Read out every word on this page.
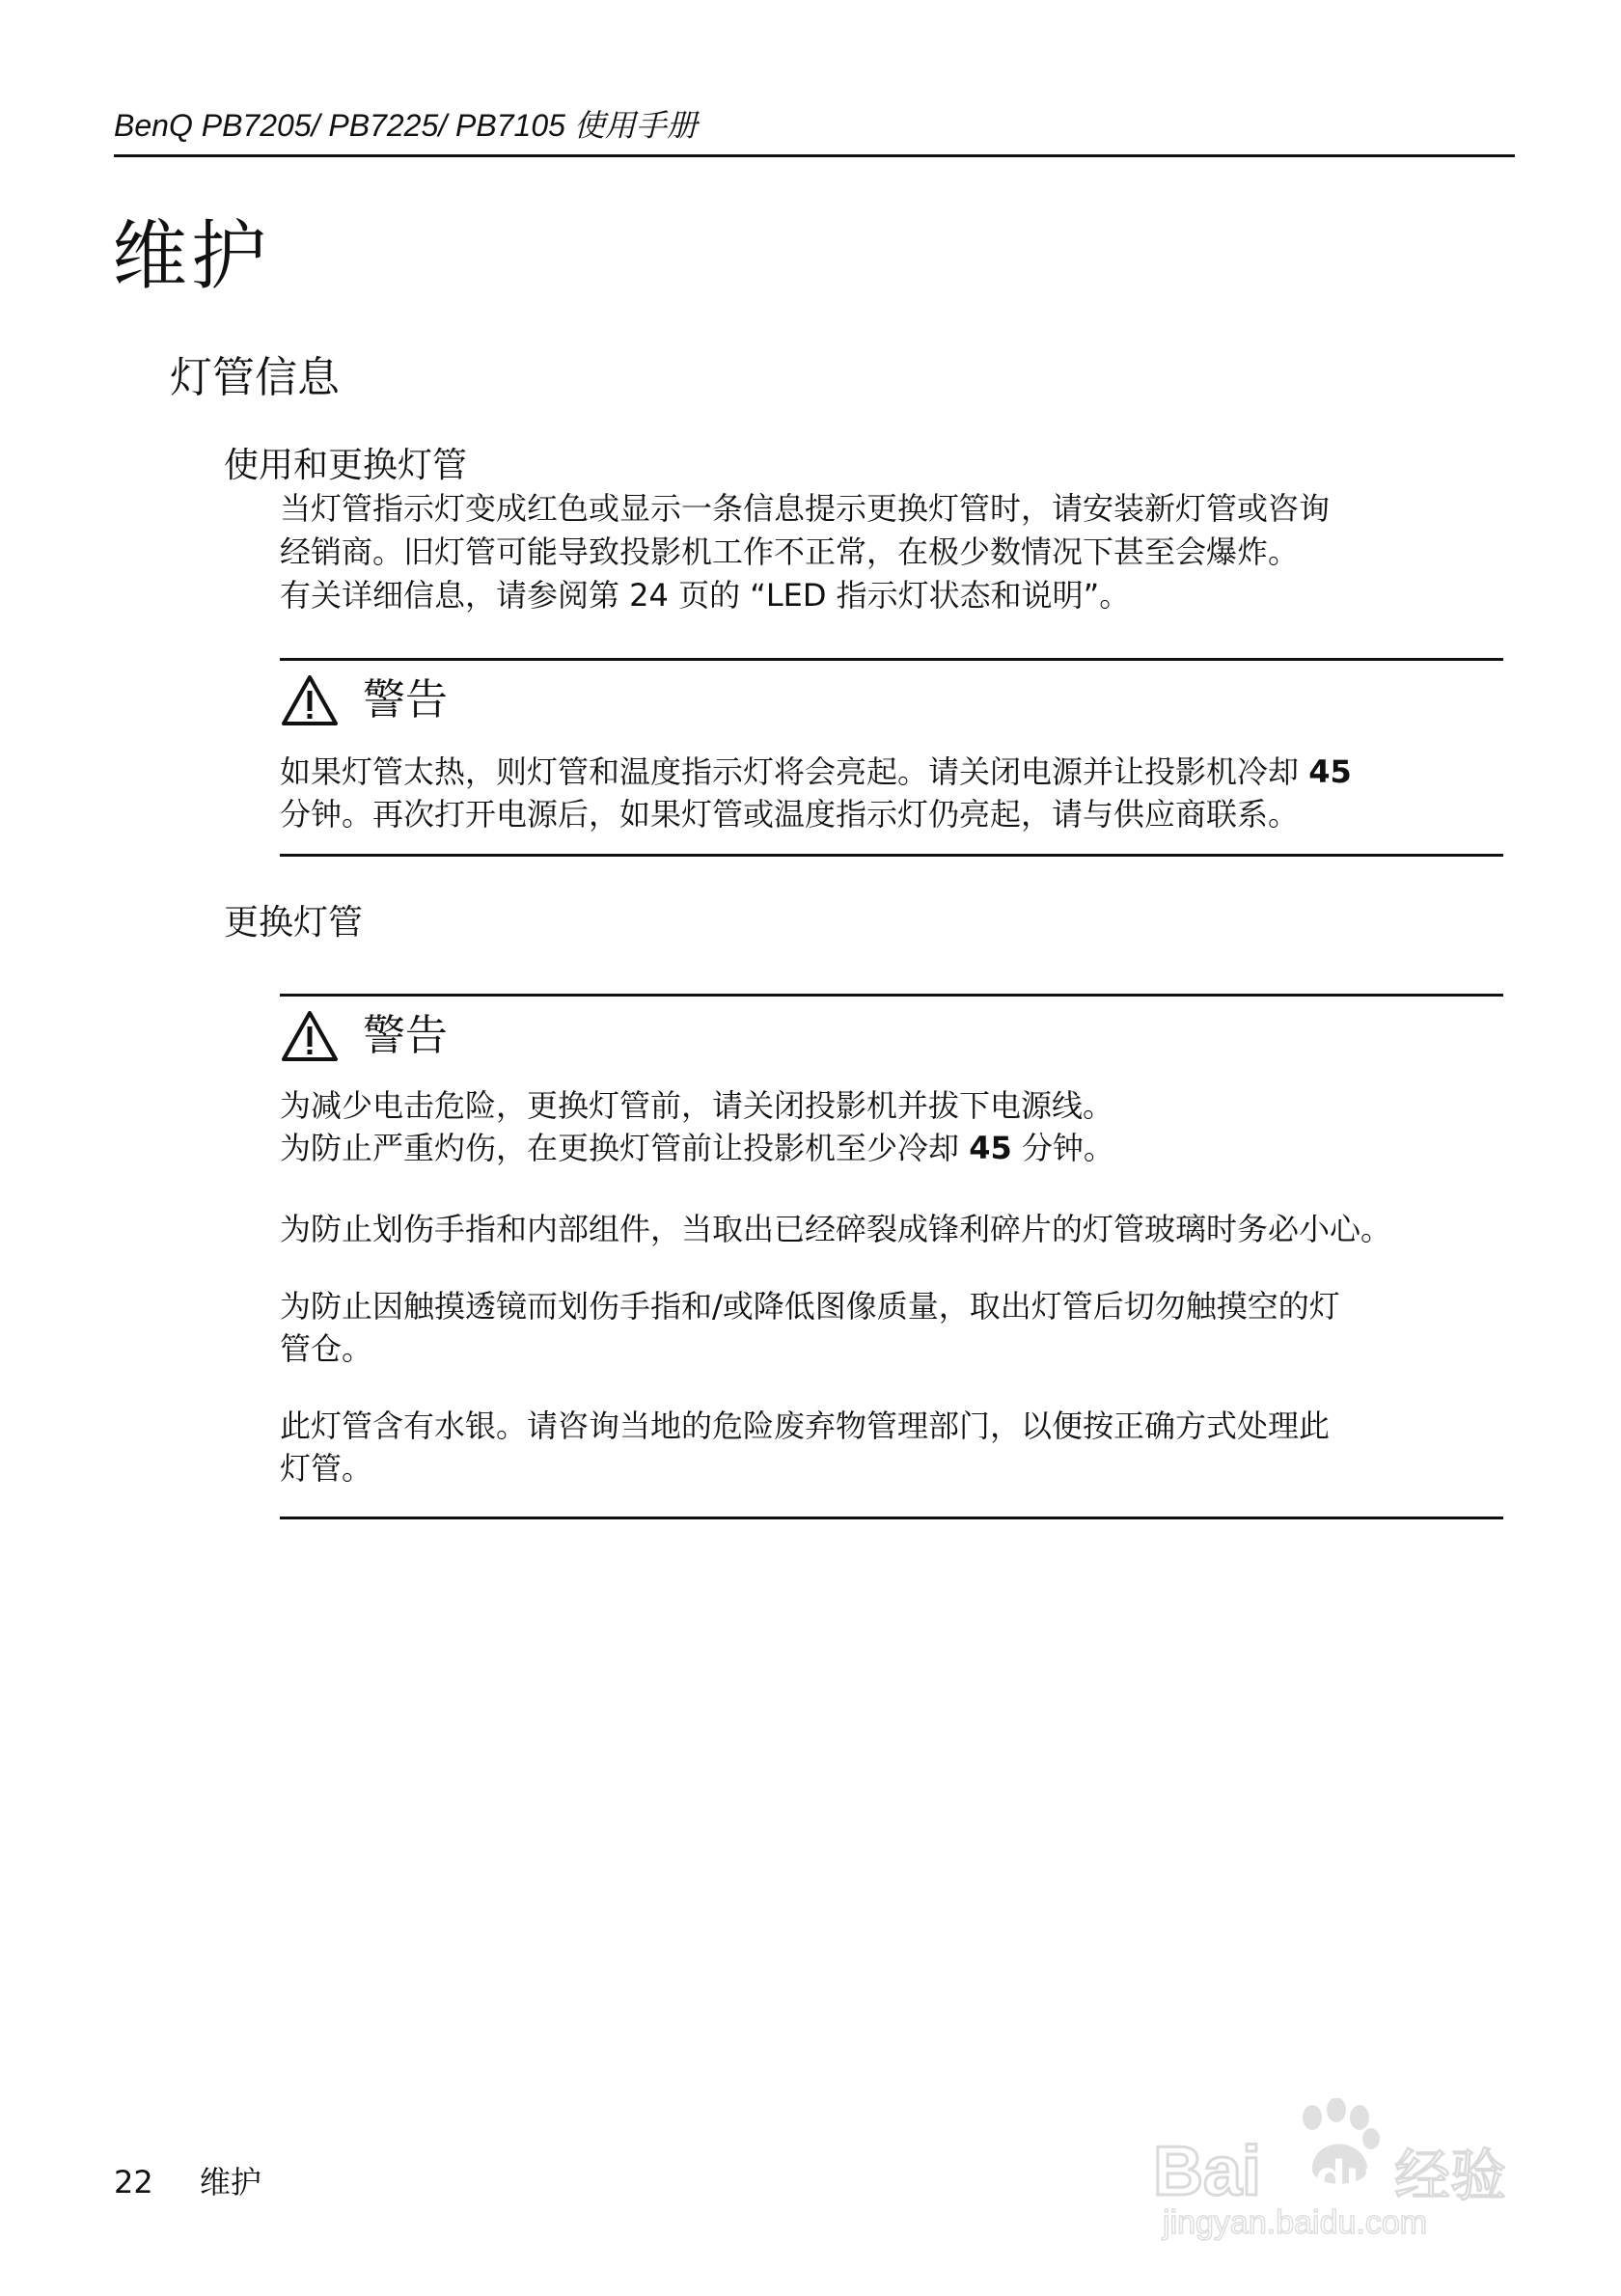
BenQ PB7205/ PB7225/ PB7105 使用手册
维护
灯管信息
使用和更换灯管

当灯管指示灯变成红色或显示一条信息提示更换灯管时，请安装新灯管或咨询

经销商。旧灯管可能导致投影机工作不正常，在极少数情况下甚至会爆炸。

有关详细信息，请参阅第 24 页的 “LED 指示灯状态和说明”。

警告

如果灯管太热，则灯管和温度指示灯将会亮起。请关闭电源并让投影机冷却 45

分钟。再次打开电源后，如果灯管或温度指示灯仍亮起，请与供应商联系。

更换灯管
警告

为减少电击危险，更换灯管前，请关闭投影机并拔下电源线。

为防止严重灼伤，在更换灯管前让投影机至少冷却 45 分钟。

为防止划伤手指和内部组件，当取出已经碎裂成锋利碎片的灯管玻璃时务必小心。

为防止因触摸透镜而划伤手指和/或降低图像质量，取出灯管后切勿触摸空的灯

管仓。

此灯管含有水银。请咨询当地的危险废弃物管理部门，以便按正确方式处理此

灯管。

22 维护	Bai du 经验
jingyan.baidu.com
